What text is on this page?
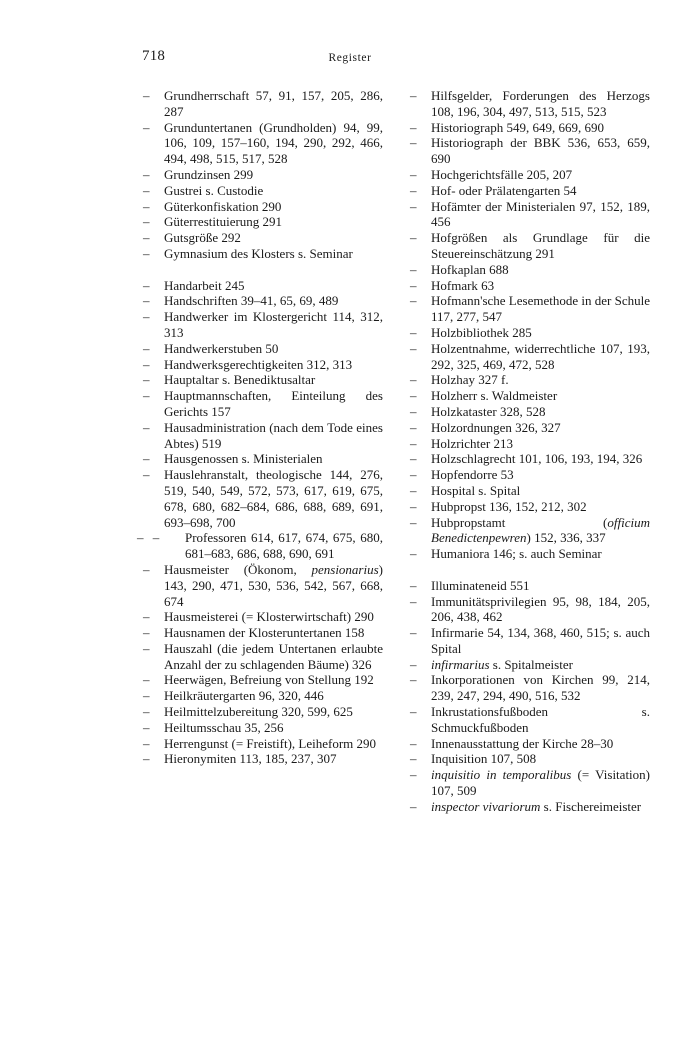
718	Register
– Grundherrschaft 57, 91, 157, 205, 286, 287
– Grunduntertanen (Grundholden) 94, 99, 106, 109, 157–160, 194, 290, 292, 466, 494, 498, 515, 517, 528
– Grundzinsen 299
– Gustrei s. Custodie
– Güterkonfiskation 290
– Güterrestituierung 291
– Gutsgröße 292
– Gymnasium des Klosters s. Seminar
– Handarbeit 245
– Handschriften 39–41, 65, 69, 489
– Handwerker im Klostergericht 114, 312, 313
– Handwerkerstuben 50
– Handwerksgerechtigkeiten 312, 313
– Hauptaltar s. Benediktusaltar
– Hauptmannschaften, Einteilung des Gerichts 157
– Hausadministration (nach dem Tode eines Abtes) 519
– Hausgenossen s. Ministerialen
– Hauslehranstalt, theologische 144, 276, 519, 540, 549, 572, 573, 617, 619, 675, 678, 680, 682–684, 686, 688, 689, 691, 693–698, 700
– – Professoren 614, 617, 674, 675, 680, 681–683, 686, 688, 690, 691
– Hausmeister (Ökonom, pensionarius) 143, 290, 471, 530, 536, 542, 567, 668, 674
– Hausmeisterei (= Klosterwirtschaft) 290
– Hausnamen der Klosteruntertanen 158
– Hauszahl (die jedem Untertanen erlaubte Anzahl der zu schlagenden Bäume) 326
– Heerwägen, Befreiung von Stellung 192
– Heilkräutergarten 96, 320, 446
– Heilmittelzubereitung 320, 599, 625
– Heiltumsschau 35, 256
– Herrengunst (= Freistift), Leiheform 290
– Hieronymiten 113, 185, 237, 307
– Hilfsgelder, Forderungen des Herzogs 108, 196, 304, 497, 513, 515, 523
– Historiograph 549, 649, 669, 690
– Historiograph der BBK 536, 653, 659, 690
– Hochgerichtsfälle 205, 207
– Hof- oder Prälatengarten 54
– Hofämter der Ministerialen 97, 152, 189, 456
– Hofgrößen als Grundlage für die Steuereinschätzung 291
– Hofkaplan 688
– Hofmark 63
– Hofmann'sche Lesemethode in der Schule 117, 277, 547
– Holzbibliothek 285
– Holzentnahme, widerrechtliche 107, 193, 292, 325, 469, 472, 528
– Holzhay 327 f.
– Holzherr s. Waldmeister
– Holzkataster 328, 528
– Holzordnungen 326, 327
– Holzrichter 213
– Holzschlagrecht 101, 106, 193, 194, 326
– Hopfendorre 53
– Hospital s. Spital
– Hubpropst 136, 152, 212, 302
– Hubpropstamt (officium Benedictenpewren) 152, 336, 337
– Humaniora 146; s. auch Seminar
– Illuminateneid 551
– Immunitätsprivilegien 95, 98, 184, 205, 206, 438, 462
– Infirmarie 54, 134, 368, 460, 515; s. auch Spital
– infirmarius s. Spitalmeister
– Inkorporationen von Kirchen 99, 214, 239, 247, 294, 490, 516, 532
– Inkrustationsfußboden s. Schmuckfußboden
– Innenausstattung der Kirche 28–30
– Inquisition 107, 508
– inquisitio in temporalibus (= Visitation) 107, 509
– inspector vivariorum s. Fischereimeister
